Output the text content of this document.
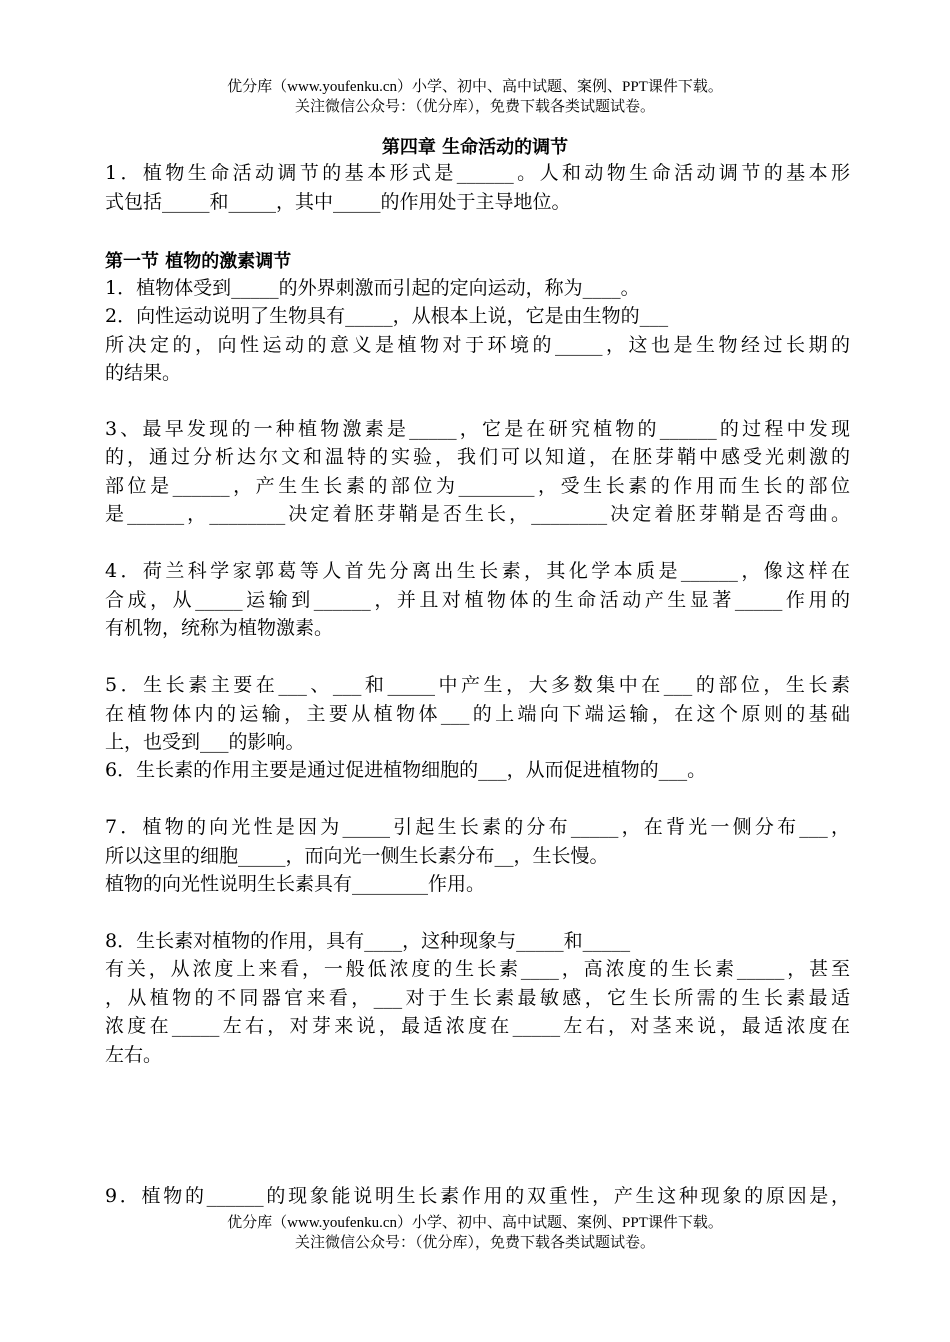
优分库（www.youfenku.cn）小学、初中、高中试题、案例、PPT课件下载。
关注微信公众号：（优分库），免费下载各类试题试卷。
第四章 生命活动的调节
1．植物生命活动调节的基本形式是______。人和动物生命活动调节的基本形
式包括_____和_____，其中_____的作用处于主导地位。
第一节 植物的激素调节
1．植物体受到_____的外界刺激而引起的定向运动，称为____。
2．向性运动说明了生物具有_____，从根本上说，它是由生物的___
所决定的，向性运动的意义是植物对于环境的_____，这也是生物经过长期的
的结果。
3、最早发现的一种植物激素是_____，它是在研究植物的______的过程中发现
的，通过分析达尔文和温特的实验，我们可以知道，在胚芽鞘中感受光刺激的
部位是______，产生生长素的部位为________，受生长素的作用而生长的部位
是______，________决定着胚芽鞘是否生长，________决定着胚芽鞘是否弯曲。
4．荷兰科学家郭葛等人首先分离出生长素，其化学本质是______，像这样在
合成，从_____运输到______，并且对植物体的生命活动产生显著_____作用的
有机物，统称为植物激素。
5．生长素主要在___、___和_____中产生，大多数集中在___的部位，生长素
在植物体内的运输，主要从植物体___的上端向下端运输，在这个原则的基础
上，也受到___的影响。
6．生长素的作用主要是通过促进植物细胞的___，从而促进植物的___。
7．植物的向光性是因为_____引起生长素的分布_____，在背光一侧分布___，
所以这里的细胞_____，而向光一侧生长素分布__，生长慢。
植物的向光性说明生长素具有________作用。
8．生长素对植物的作用，具有____，这种现象与_____和_____
有关，从浓度上来看，一般低浓度的生长素____，高浓度的生长素_____，甚至
，从植物的不同器官来看，___对于生长素最敏感，它生长所需的生长素最适
浓度在_____左右，对芽来说，最适浓度在_____左右，对茎来说，最适浓度在
左右。
9．植物的______的现象能说明生长素作用的双重性，产生这种现象的原因是，
优分库（www.youfenku.cn）小学、初中、高中试题、案例、PPT课件下载。
关注微信公众号：（优分库），免费下载各类试题试卷。
